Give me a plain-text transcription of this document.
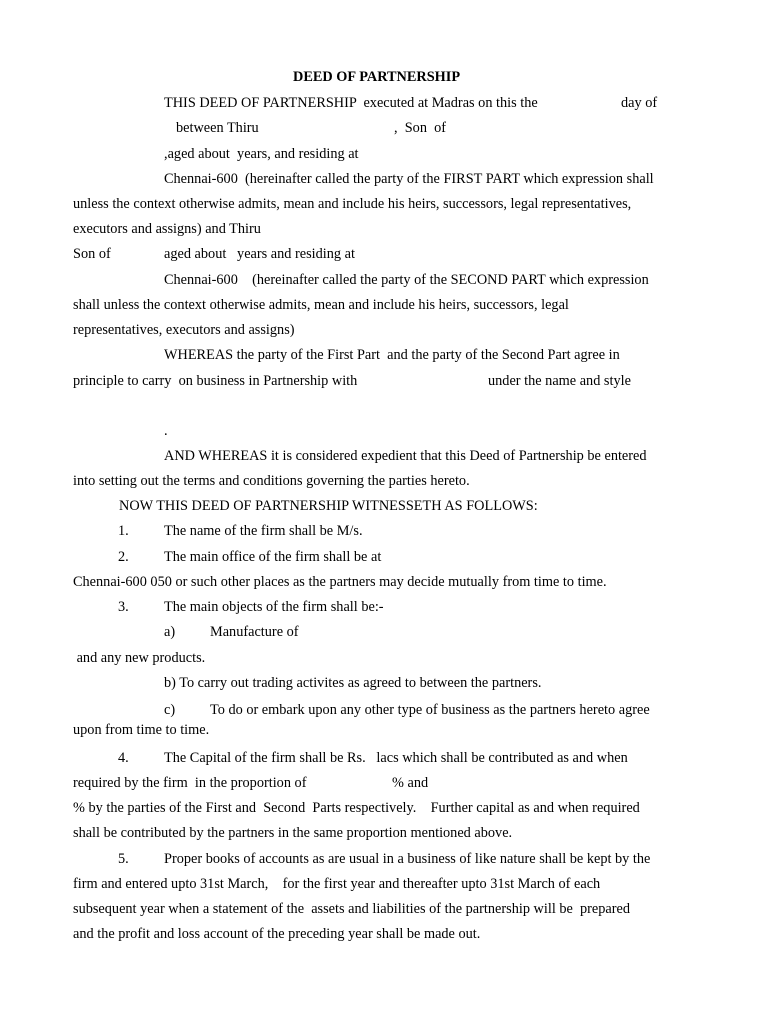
DEED OF PARTNERSHIP
THIS DEED OF PARTNERSHIP  executed at Madras on this the	day of
between Thiru	,  Son  of
,aged about  years, and residing at
Chennai-600  (hereinafter called the party of the FIRST PART which expression shall
unless the context otherwise admits, mean and include his heirs, successors, legal representatives,
executors and assigns) and Thiru
Son of	aged about   years and residing at
Chennai-600    (hereinafter called the party of the SECOND PART which expression
shall unless the context otherwise admits, mean and include his heirs, successors, legal
representatives, executors and assigns)
WHEREAS the party of the First Part  and the party of the Second Part agree in
principle to carry  on business in Partnership with	under the name and style
.
AND WHEREAS it is considered expedient that this Deed of Partnership be entered
into setting out the terms and conditions governing the parties hereto.
NOW THIS DEED OF PARTNERSHIP WITNESSETH AS FOLLOWS:
1. The name of the firm shall be M/s.
2. The main office of the firm shall be at
Chennai-600 050 or such other places as the partners may decide mutually from time to time.
3. The main objects of the firm shall be:-
a) Manufacture of
and any new products.
b) To carry out trading activites as agreed to between the partners.
c) To do or embark upon any other type of business as the partners hereto agree
upon from time to time.
4. The Capital of the firm shall be Rs.   lacs which shall be contributed as and when
required by the firm  in the proportion of	% and
% by the parties of the First and  Second  Parts respectively.    Further capital as and when required
shall be contributed by the partners in the same proportion mentioned above.
5. Proper books of accounts as are usual in a business of like nature shall be kept by the
firm and entered upto 31st March,    for the first year and thereafter upto 31st March of each
subsequent year when a statement of the  assets and liabilities of the partnership will be  prepared
and the profit and loss account of the preceding year shall be made out.
